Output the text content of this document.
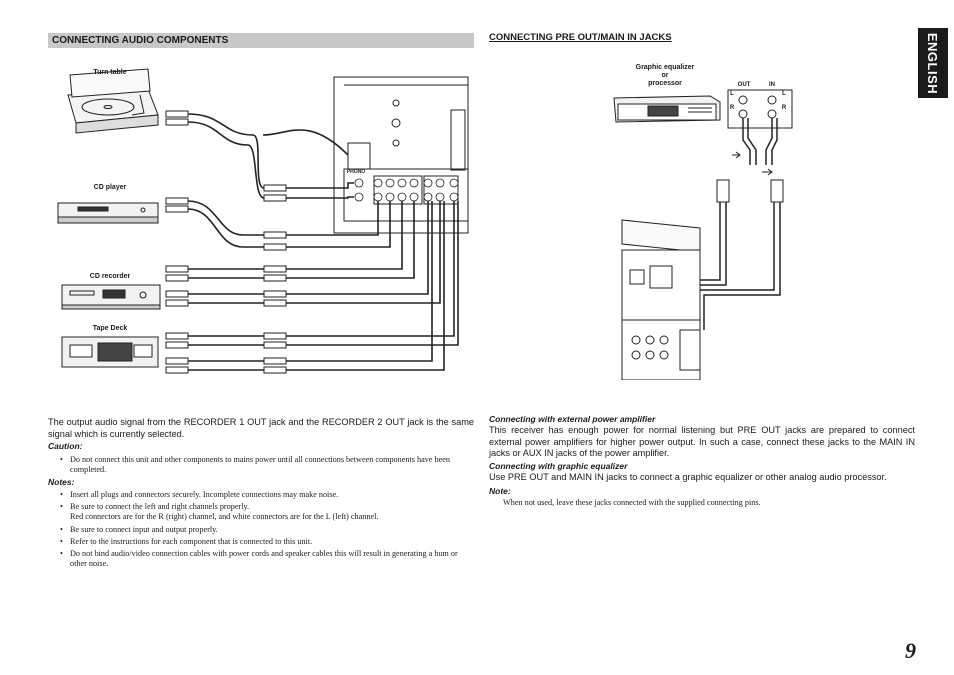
ENGLISH
CONNECTING AUDIO COMPONENTS
Turn table
CD player
CD recorder
Tape Deck
PHONO
The output audio signal from the RECORDER 1 OUT jack and the RECORDER 2 OUT jack is the same signal which is currently selected.
Caution:
• Do not connect this unit and other components to mains power until all connections between components have been completed.
Notes:
• Insert all plugs and connectors securely. Incomplete connections may make noise.
• Be sure to connect the left and right channels properly.
Red connectors are for the R (right) channel, and white connectors are for the L (left) channel.
• Be sure to connect input and output properly.
• Refer to the instructions for each component that is connected to this unit.
• Do not bind audio/video connection cables with power cords and speaker cables this will result in generating a hum or other noise.
CONNECTING PRE OUT/MAIN IN JACKS
Graphic equalizer
or
processor	OUT	IN
L
R
L
R
Connecting with external power amplifier
This receiver has enough power for normal listening but PRE OUT jacks are prepared to connect external power amplifiers for higher power output. In such a case, connect these jacks to the MAIN IN jacks or AUX IN jacks of the power amplifier.
Connecting with graphic equalizer
Use PRE OUT and MAIN IN jacks to connect a graphic equalizer or other analog audio processor.
Note:
When not used, leave these jacks connected with the supplied connecting pins.
9
